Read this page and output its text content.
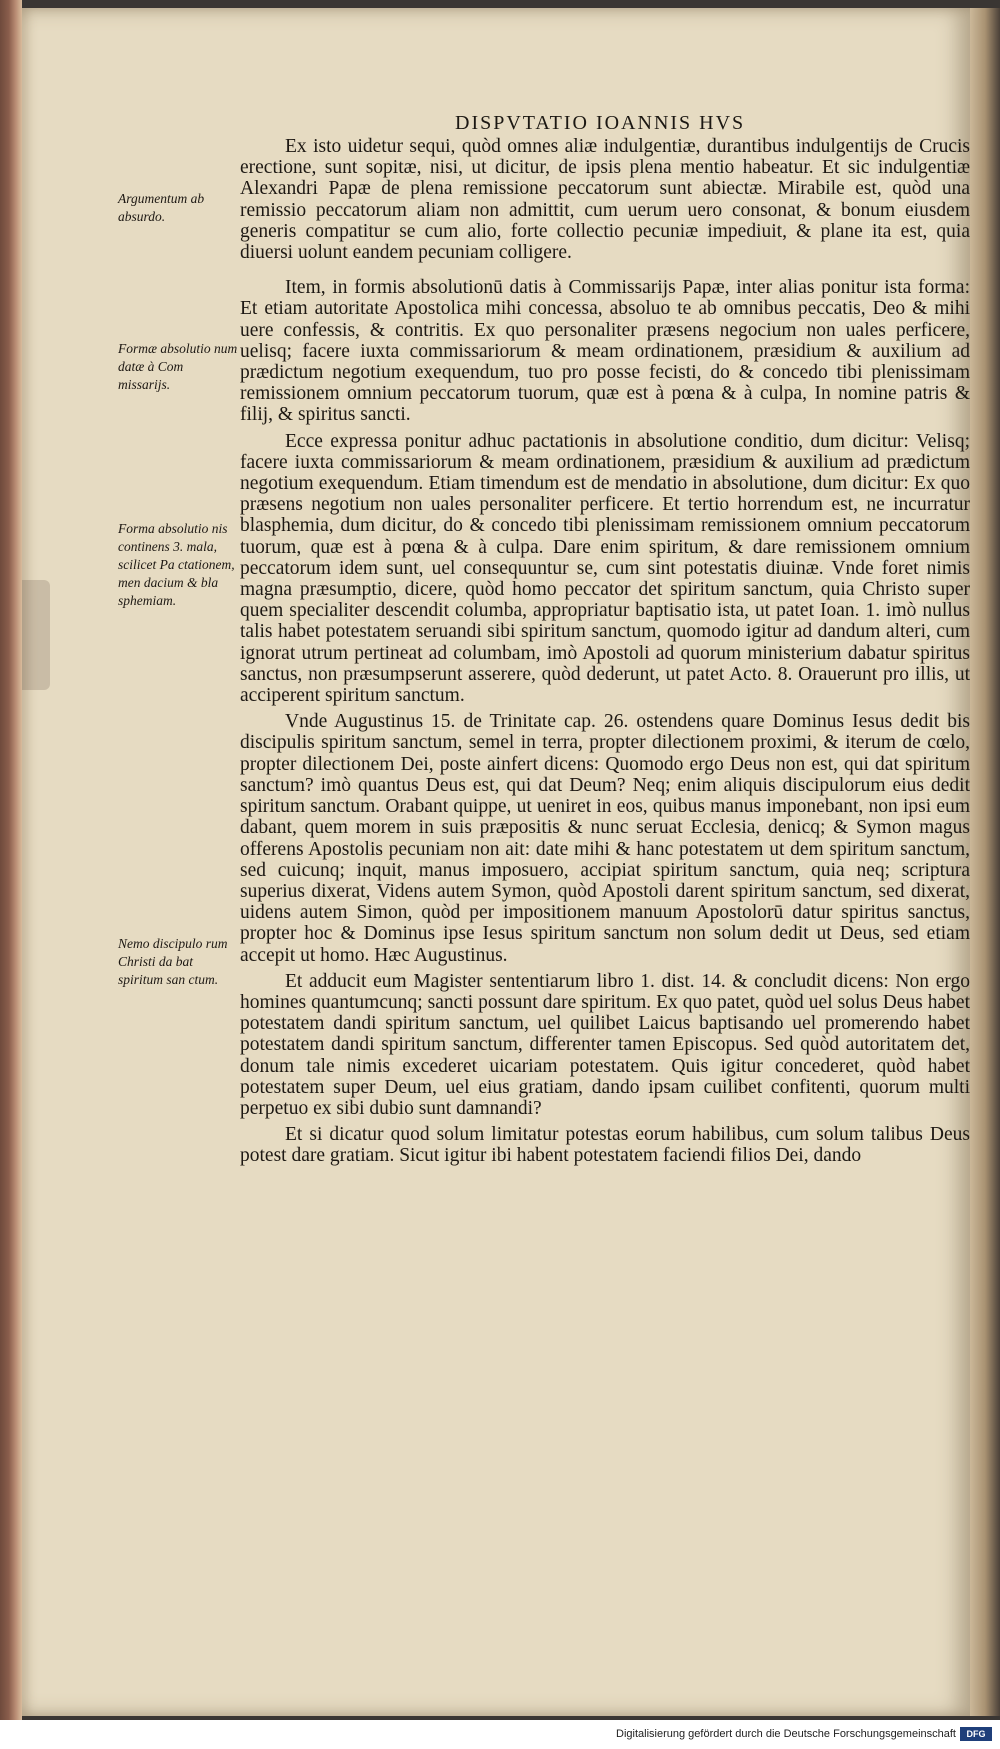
DISPVTATIO IOANNIS HVS
Argumentum ab absurdo.
Formæ absolutio num datæ à Com missarijs.
Forma absolutio nis continens 3. mala, scilicet Pa ctationem, men dacium & bla sphemiam.
Nemo discipulo rum Christi da bat spiritum san ctum.

Ex isto uidetur sequi, quòd omnes aliæ indulgentiæ, durantibus indulgentijs de Crucis erectione, sunt sopitæ, nisi, ut dicitur, de ipsis plena mentio habeatur. Et sic indulgentiæ Alexandri Papæ de plena remissione peccatorum sunt abiectæ. Mirabile est, quòd una remissio peccatorum aliam non admittit, cum uerum uero consonat, & bonum eiusdem generis compatitur se cum alio, forte collectio pecuniæ impediuit, & plane ita est, quia diuersi uolunt eandem pecuniam colligere.

Item, in formis absolutionū datis à Commissarijs Papæ, inter alias ponitur ista forma: Et etiam autoritate Apostolica mihi concessa, absoluo te ab omnibus peccatis, Deo & mihi uere confessis, & contritis. Ex quo personaliter præsens negocium non uales perficere, uelisq; facere iuxta commissariorum & meam ordinationem, præsidium & auxilium ad prædictum negotium exequendum, tuo pro posse fecisti, do & concedo tibi plenissimam remissionem omnium peccatorum tuorum, quæ est à pœna & à culpa, In nomine patris & filij, & spiritus sancti.

Ecce expressa ponitur adhuc pactationis in absolutione conditio, dum dicitur: Velisq; facere iuxta commissariorum & meam ordinationem, præsidium & auxilium ad prædictum negotium exequendum. Etiam timendum est de mendatio in absolutione, dum dicitur: Ex quo præsens negotium non uales personaliter perficere. Et tertio horrendum est, ne incurratur blasphemia, dum dicitur, do & concedo tibi plenissimam remissionem omnium peccatorum tuorum, quæ est à pœna & à culpa. Dare enim spiritum, & dare remissionem omnium peccatorum idem sunt, uel consequuntur se, cum sint potestatis diuinæ. Vnde foret nimis magna præsumptio, dicere, quòd homo peccator det spiritum sanctum, quia Christo super quem specialiter descendit columba, appropriatur baptisatio ista, ut patet Ioan. 1. imò nullus talis habet potestatem seruandi sibi spiritum sanctum, quomodo igitur ad dandum alteri, cum ignorat utrum pertineat ad columbam, imò Apostoli ad quorum ministerium dabatur spiritus sanctus, non præsumpserunt asserere, quòd dederunt, ut patet Acto. 8. Orauerunt pro illis, ut acciperent spiritum sanctum.

Vnde Augustinus 15. de Trinitate cap. 26. ostendens quare Dominus Iesus dedit bis discipulis spiritum sanctum, semel in terra, propter dilectionem proximi, & iterum de cœlo, propter dilectionem Dei, poste ainfert dicens: Quomodo ergo Deus non est, qui dat spiritum sanctum? imò quantus Deus est, qui dat Deum? Neq; enim aliquis discipulorum eius dedit spiritum sanctum. Orabant quippe, ut ueniret in eos, quibus manus imponebant, non ipsi eum dabant, quem morem in suis præpositis & nunc seruat Ecclesia, denicq; & Symon magus offerens Apostolis pecuniam non ait: date mihi & hanc potestatem ut dem spiritum sanctum, sed cuicunq; inquit, manus imposuero, accipiat spiritum sanctum, quia neq; scriptura superius dixerat, Videns autem Symon, quòd Apostoli darent spiritum sanctum, sed dixerat, uidens autem Simon, quòd per impositionem manuum Apostolorū datur spiritus sanctus, propter hoc & Dominus ipse Iesus spiritum sanctum non solum dedit ut Deus, sed etiam accepit ut homo. Hæc Augustinus.

Et adducit eum Magister sententiarum libro 1. dist. 14. & concludit dicens: Non ergo homines quantumcunq; sancti possunt dare spiritum. Ex quo patet, quòd uel solus Deus habet potestatem dandi spiritum sanctum, uel quilibet Laicus baptisando uel promerendo habet potestatem dandi spiritum sanctum, differenter tamen Episcopus. Sed quòd autoritatem det, donum tale nimis excederet uicariam potestatem. Quis igitur concederet, quòd habet potestatem super Deum, uel eius gratiam, dando ipsam cuilibet confitenti, quorum multi perpetuo ex sibi dubio sunt damnandi?

Et si dicatur quod solum limitatur potestas eorum habilibus, cum solum talibus Deus potest dare gratiam. Sicut igitur ibi habent potestatem faciendi filios Dei, dando

Digitalisierung gefördert durch die Deutsche Forschungsgemeinschaft	DFG
